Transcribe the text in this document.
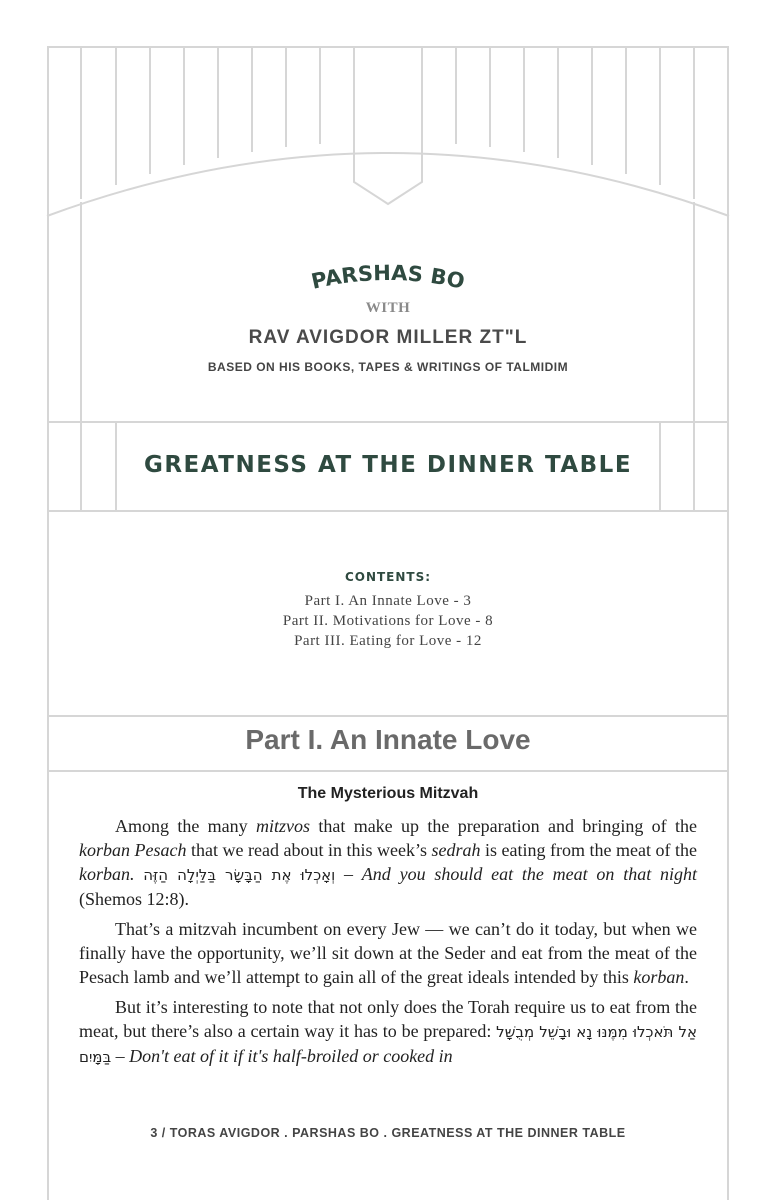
PARSHAS BO
WITH
RAV AVIGDOR MILLER ZT"L
BASED ON HIS BOOKS, TAPES & WRITINGS OF TALMIDIM
GREATNESS AT THE DINNER TABLE
CONTENTS:
Part I. An Innate Love - 3
Part II. Motivations for Love - 8
Part III. Eating for Love - 12
Part I. An Innate Love
The Mysterious Mitzvah

Among the many mitzvos that make up the preparation and bringing of the korban Pesach that we read about in this week’s sedrah is eating from the meat of the korban. וְאָכְלוּ אֶת הַבָּשָׂר בַּלַּיְלָה הַזֶּה – And you should eat the meat on that night (Shemos 12:8).

That’s a mitzvah incumbent on every Jew — we can’t do it today, but when we finally have the opportunity, we’ll sit down at the Seder and eat from the meat of the Pesach lamb and we’ll attempt to gain all of the great ideals intended by this korban.

But it’s interesting to note that not only does the Torah require us to eat from the meat, but there’s also a certain way it has to be prepared: אַל תֹּאכְלוּ מִמֶּנּוּ נָא וּבָשֵׁל מְבֻשָּׁל בַּמָּיִם – Don't eat of it if it's half-broiled or cooked in

3 / TORAS AVIGDOR . PARSHAS BO . GREATNESS AT THE DINNER TABLE
